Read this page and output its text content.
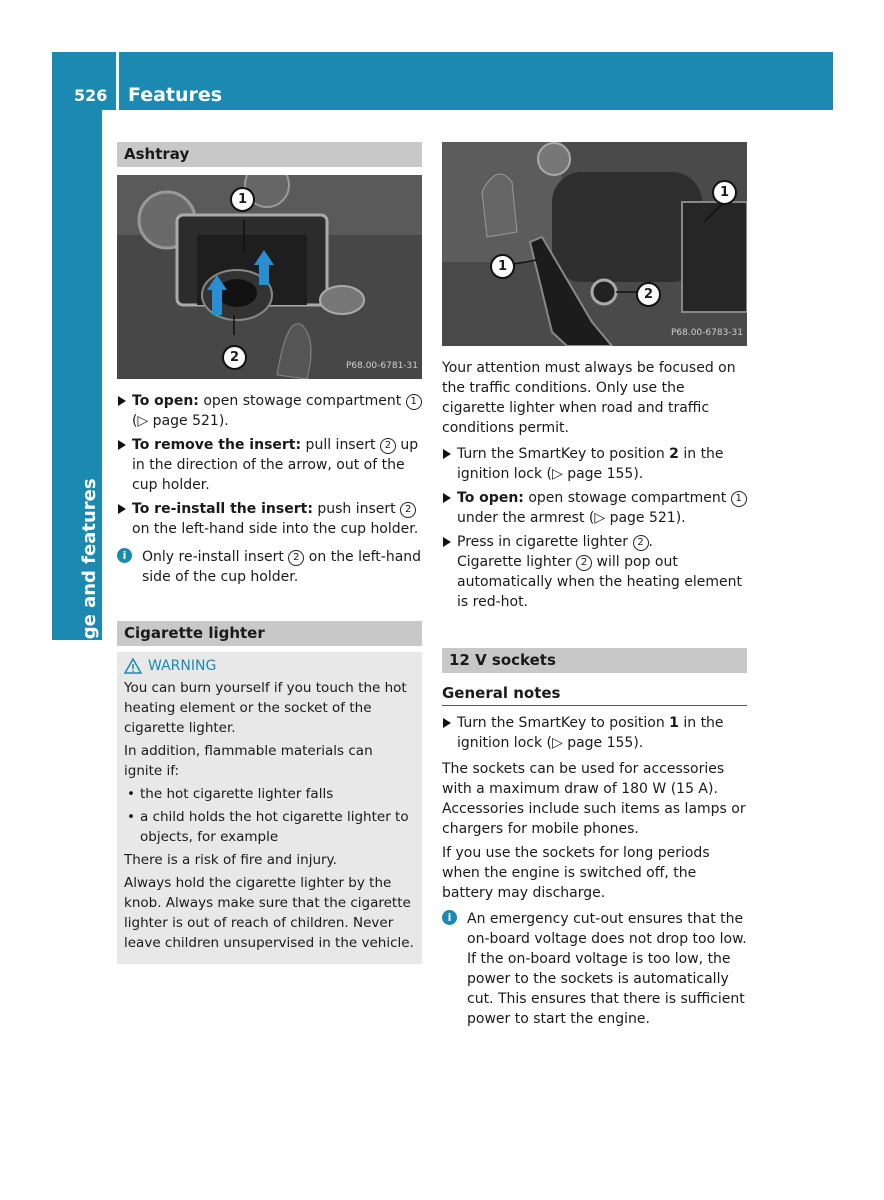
526 Features
Stowage and features
Ashtray
1
2
P68.00-6781-31
To open: open stowage compartment 1 (▷ page 521).
To remove the insert: pull insert 2 up in the direction of the arrow, out of the cup holder.
To re-install the insert: push insert 2 on the left-hand side into the cup holder.
i	Only re-install insert 2 on the left-hand side of the cup holder.
Cigarette lighter
WARNING

You can burn yourself if you touch the hot heating element or the socket of the cigarette lighter.

In addition, flammable materials can ignite if:

• the hot cigarette lighter falls
• a child holds the hot cigarette lighter to objects, for example

There is a risk of fire and injury.

Always hold the cigarette lighter by the knob. Always make sure that the cigarette lighter is out of reach of children. Never leave children unsupervised in the vehicle.

1
2
1
P68.00-6783-31

Your attention must always be focused on the traffic conditions. Only use the cigarette lighter when road and traffic conditions permit.

Turn the SmartKey to position 2 in the ignition lock (▷ page 155).
To open: open stowage compartment 1 under the armrest (▷ page 521).
Press in cigarette lighter 2 .
Cigarette lighter 2 will pop out automatically when the heating element is red-hot.
12 V sockets
General notes
Turn the SmartKey to position 1 in the ignition lock (▷ page 155).

The sockets can be used for accessories with a maximum draw of 180 W (15 A). Accessories include such items as lamps or chargers for mobile phones.

If you use the sockets for long periods when the engine is switched off, the battery may discharge.

i	An emergency cut-out ensures that the on-board voltage does not drop too low. If the on-board voltage is too low, the power to the sockets is automatically cut. This ensures that there is sufficient power to start the engine.
